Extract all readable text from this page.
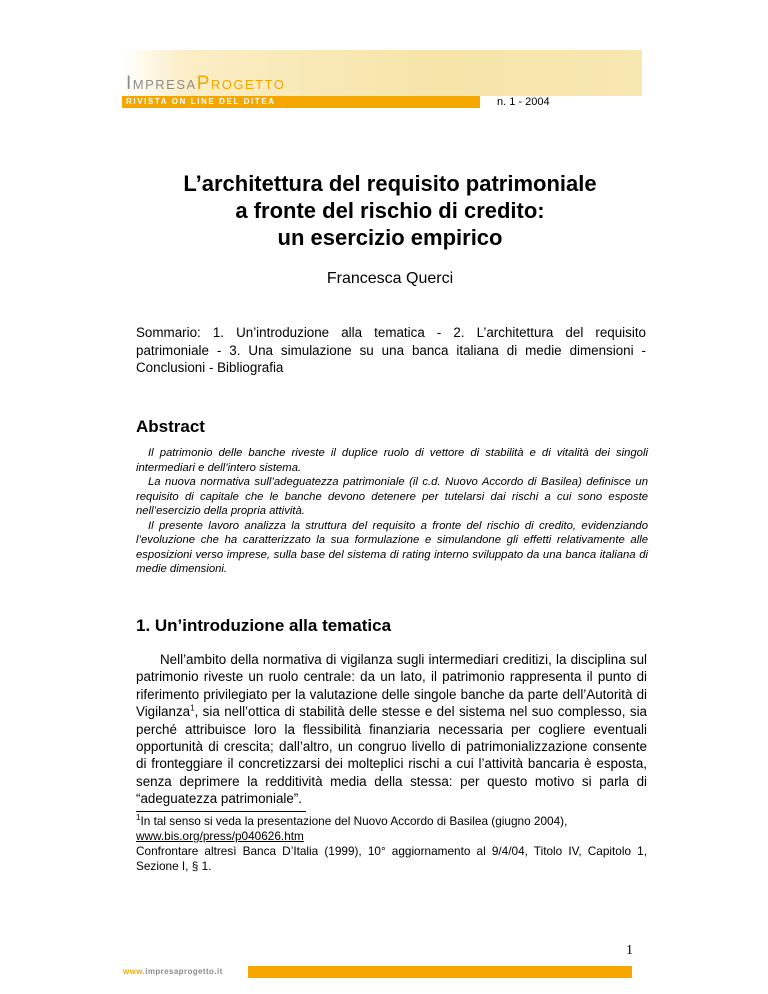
ImpresaProgetto
RIVISTA ON LINE DEL DITEA	n. 1 - 2004
L’architettura del requisito patrimoniale
a fronte del rischio di credito:
un esercizio empirico
Francesca Querci
Sommario: 1. Un’introduzione alla tematica - 2. L’architettura del requisito patrimoniale - 3. Una simulazione su una banca italiana di medie dimensioni - Conclusioni - Bibliografia
Abstract

Il patrimonio delle banche riveste il duplice ruolo di vettore di stabilità e di vitalità dei singoli intermediari e dell’intero sistema.

La nuova normativa sull’adeguatezza patrimoniale (il c.d. Nuovo Accordo di Basilea) definisce un requisito di capitale che le banche devono detenere per tutelarsi dai rischi a cui sono esposte nell’esercizio della propria attività.

Il presente lavoro analizza la struttura del requisito a fronte del rischio di credito, evidenziando l’evoluzione che ha caratterizzato la sua formulazione e simulandone gli effetti relativamente alle esposizioni verso imprese, sulla base del sistema di rating interno sviluppato da una banca italiana di medie dimensioni.

1. Un’introduzione alla tematica

Nell’ambito della normativa di vigilanza sugli intermediari creditizi, la disciplina sul patrimonio riveste un ruolo centrale: da un lato, il patrimonio rappresenta il punto di riferimento privilegiato per la valutazione delle singole banche da parte dell’Autorità di Vigilanza$^1$, sia nell’ottica di stabilità delle stesse e del sistema nel suo complesso, sia perché attribuisce loro la flessibilità finanziaria necessaria per cogliere eventuali opportunità di crescita; dall’altro, un congruo livello di patrimonializzazione consente di fronteggiare il concretizzarsi dei molteplici rischi a cui l’attività bancaria è esposta, senza deprimere la redditività media della stessa: per questo motivo si parla di “adeguatezza patrimoniale”.

$^1$In tal senso si veda la presentazione del Nuovo Accordo di Basilea (giugno 2004),

www.bis.org/press/p040626.htm

Confrontare altresì Banca D’Italia (1999), 10° aggiornamento al 9/4/04, Titolo IV, Capitolo 1, Sezione I, § 1.

1
www.impresaprogetto.it
